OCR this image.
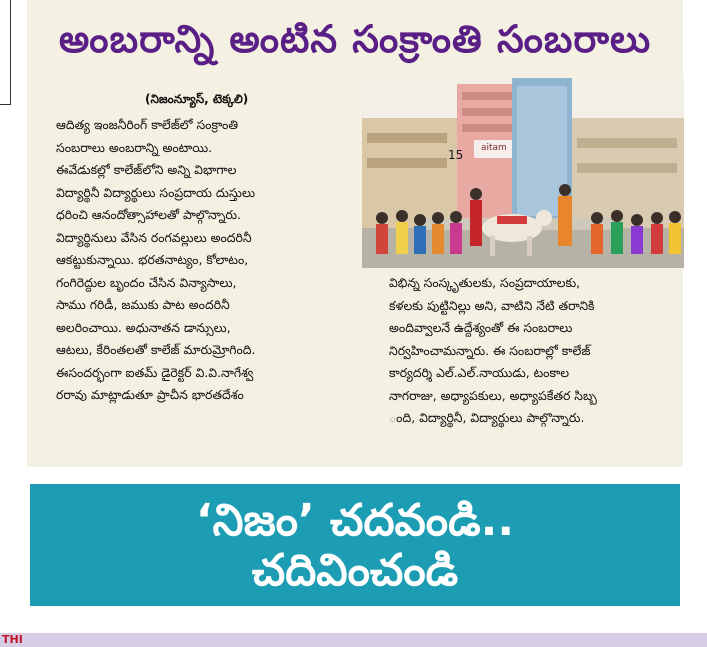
అంబరాన్ని అంటిన సంక్రాంతి సంబరాలు
(నిజంన్యూస్, టెక్కలి)
ఆదిత్య ఇంజనీరింగ్ కాలేజ్‌లో సంక్రాంతి
సంబరాలు అంబరాన్ని అంటాయి.
ఈవేడుకల్లో కాలేజ్‌లోని అన్ని విభాగాల
విద్యార్థినీ విద్యార్థులు సంప్రదాయ దుస్తులు
ధరించి ఆనందోత్సాహాలతో పాల్గొన్నారు.
విద్యార్థినులు వేసిన రంగవల్లులు అందరినీ
ఆకట్టుకున్నాయి. భరతనాట్యం, కోలాటం,
గంగిరెద్దుల బృందం చేసిన విన్యాసాలు,
సాము గరిడీ, జముకు పాట అందరినీ
అలరించాయి. అధునాతన డాన్సులు,
ఆటలు, కేరింతలతో కాలేజ్ మారుమ్రోగింది.
ఈసందర్భంగా ఐతమ్ డైరెక్టర్ వి.వి.నాగేశ్వ
రరావు మాట్లాడుతూ ప్రాచీన భారతదేశం
విభిన్న సంస్కృతులకు, సంప్రదాయాలకు,
కళలకు పుట్టినిల్లు అని, వాటిని నేటి తరానికి
అందివ్వాలనే ఉద్దేశ్యంతో ఈ సంబరాలు
నిర్వహించామన్నారు. ఈ సంబరాల్లో కాలేజ్
కార్యదర్శి ఎల్.ఎల్.నాయుడు, టంకాల
నాగరాజు, అధ్యాపకులు, అధ్యాపకేతర సిబ్బ
ంది, విద్యార్థినీ, విద్యార్థులు పాల్గొన్నారు.
15 aitam
‘నిజం’ చదవండి..
చదివించండి
THI
